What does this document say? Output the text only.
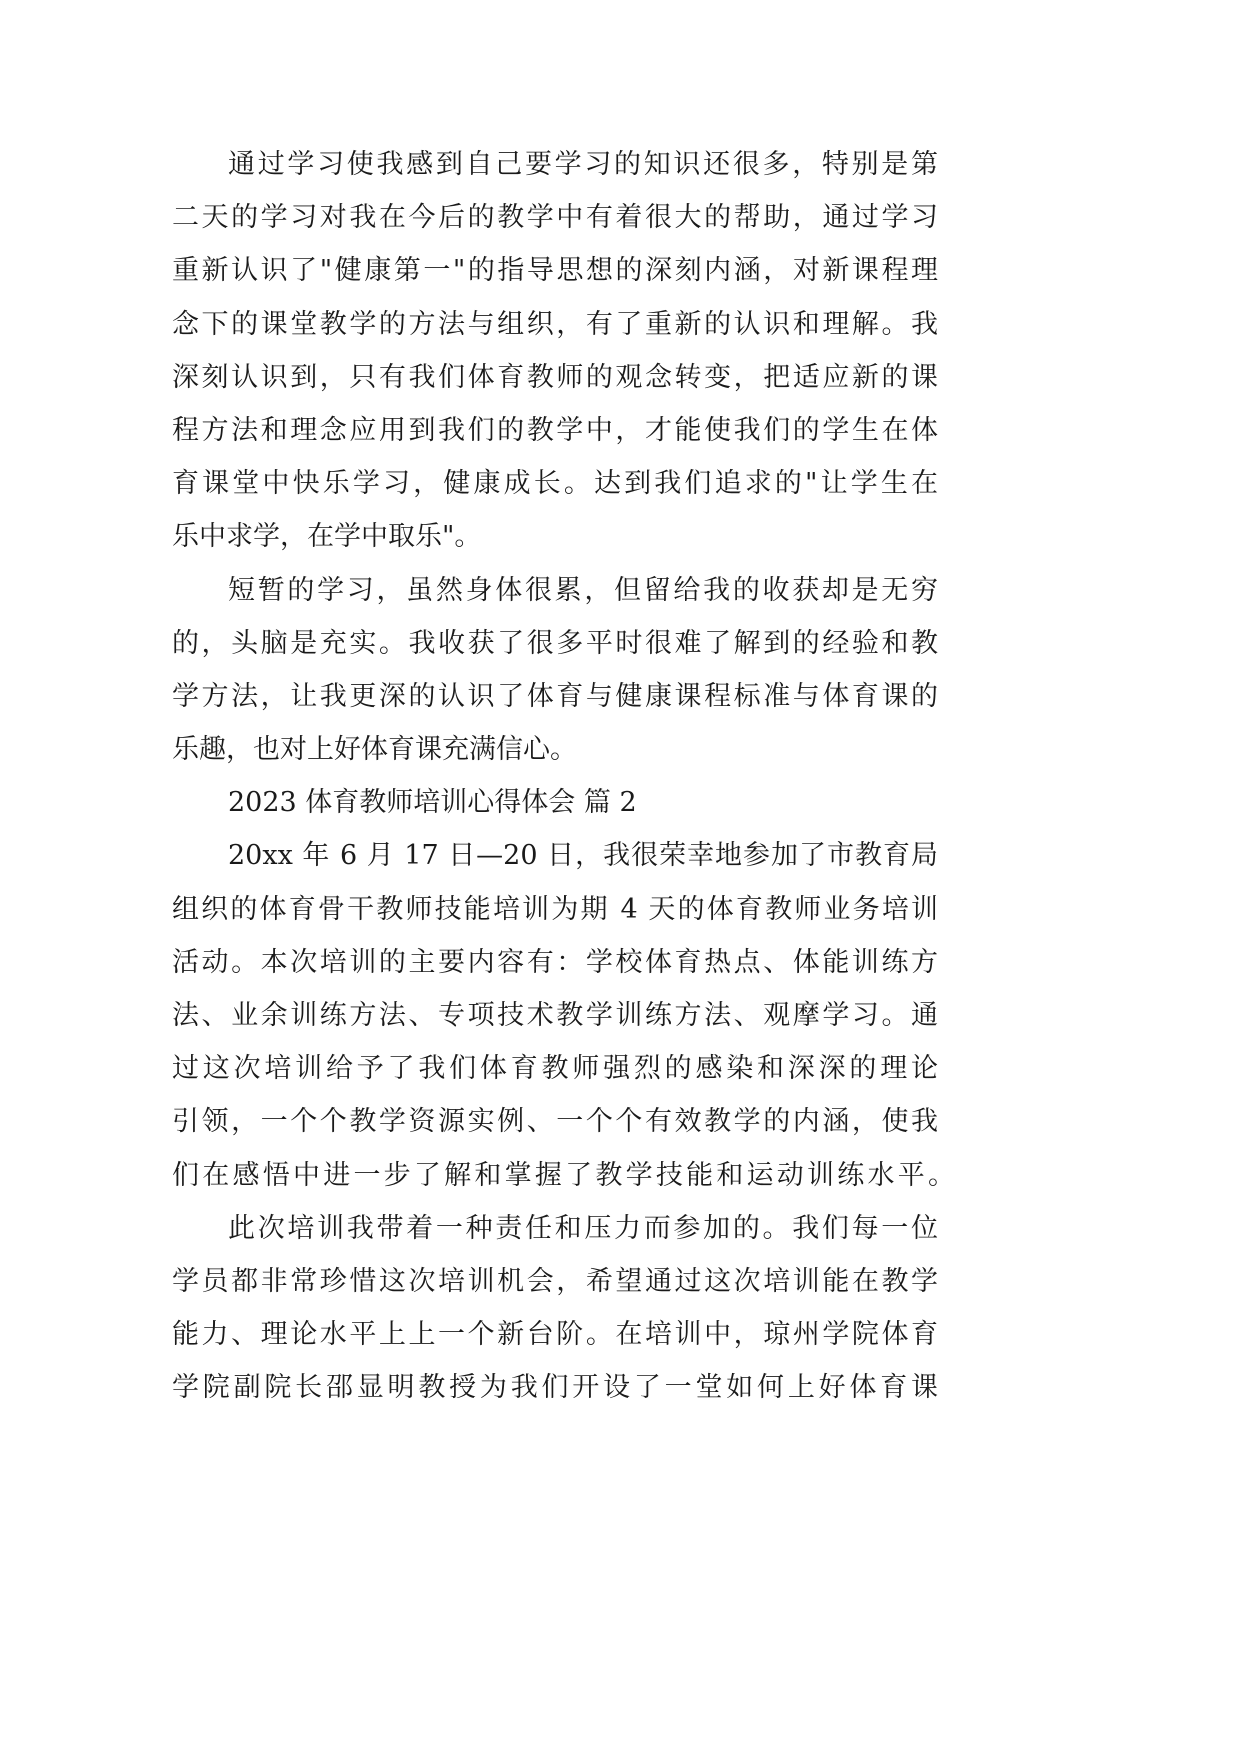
通过学习使我感到自己要学习的知识还很多，特别是第
二天的学习对我在今后的教学中有着很大的帮助，通过学习
重新认识了"健康第一"的指导思想的深刻内涵，对新课程理
念下的课堂教学的方法与组织，有了重新的认识和理解。我
深刻认识到，只有我们体育教师的观念转变，把适应新的课
程方法和理念应用到我们的教学中，才能使我们的学生在体
育课堂中快乐学习，健康成长。达到我们追求的"让学生在
乐中求学，在学中取乐"。
短暂的学习，虽然身体很累，但留给我的收获却是无穷
的，头脑是充实。我收获了很多平时很难了解到的经验和教
学方法，让我更深的认识了体育与健康课程标准与体育课的
乐趣，也对上好体育课充满信心。
2023 体育教师培训心得体会 篇 2
20xx 年 6 月 17 日—20 日，我很荣幸地参加了市教育局
组织的体育骨干教师技能培训为期 4 天的体育教师业务培训
活动。本次培训的主要内容有：学校体育热点、体能训练方
法、业余训练方法、专项技术教学训练方法、观摩学习。通
过这次培训给予了我们体育教师强烈的感染和深深的理论
引领，一个个教学资源实例、一个个有效教学的内涵，使我
们在感悟中进一步了解和掌握了教学技能和运动训练水平。
此次培训我带着一种责任和压力而参加的。我们每一位
学员都非常珍惜这次培训机会，希望通过这次培训能在教学
能力、理论水平上上一个新台阶。在培训中，琼州学院体育
学院副院长邵显明教授为我们开设了一堂如何上好体育课
